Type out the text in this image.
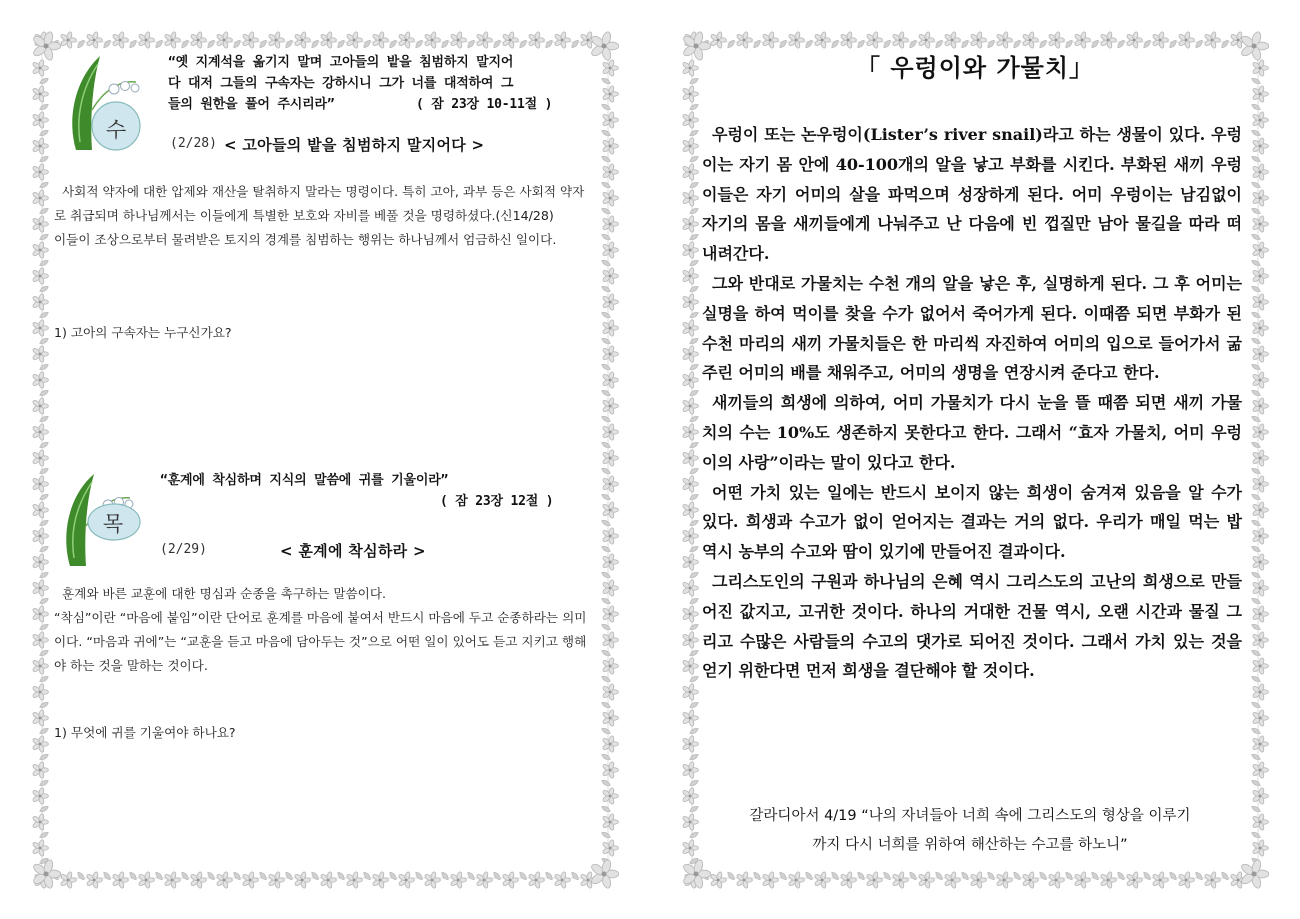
수
“옛 지계석을 옮기지 말며 고아들의 밭을 침범하지 말지어
다 대저 그들의 구속자는 강하시니 그가 너를 대적하여 그
들의 원한을 풀어 주시리라”	( 잠 23장 10-11절 )
(2/28) < 고아들의 밭을 침범하지 말지어다 >

사회적 약자에 대한 압제와 재산을 탈취하지 말라는 명령이다. 특히 고아, 과부 등은 사회적 약자로 취급되며 하나님께서는 이들에게 특별한 보호와 자비를 베풀 것을 명령하셨다.(신14/28)

이들이 조상으로부터 물려받은 토지의 경계를 침범하는 행위는 하나님께서 엄금하신 일이다.

1) 고아의 구속자는 누구신가요?
목
“훈계에 착심하며 지식의 말씀에 귀를 기울이라”
( 잠 23장 12절 )
(2/29)	< 훈계에 착심하라 >

훈계와 바른 교훈에 대한 명심과 순종을 촉구하는 말씀이다.

“착심”이란 “마음에 붙임”이란 단어로 훈계를 마음에 붙여서 반드시 마음에 두고 순종하라는 의미이다. “마음과 귀에”는 “교훈을 듣고 마음에 담아두는 것”으로 어떤 일이 있어도 듣고 지키고 행해야 하는 것을 말하는 것이다.

1) 무엇에 귀를 기울여야 하나요?
「 우렁이와 가물치」

우렁이 또는 논우렁이(Lister’s river snail)라고 하는 생물이 있다. 우렁이는 자기 몸 안에 40-100개의 알을 낳고 부화를 시킨다. 부화된 새끼 우렁이들은 자기 어미의 살을 파먹으며 성장하게 된다. 어미 우렁이는 남김없이 자기의 몸을 새끼들에게 나눠주고 난 다음에 빈 껍질만 남아 물길을 따라 떠내려간다.

그와 반대로 가물치는 수천 개의 알을 낳은 후, 실명하게 된다. 그 후 어미는 실명을 하여 먹이를 찾을 수가 없어서 죽어가게 된다. 이때쯤 되면 부화가 된 수천 마리의 새끼 가물치들은 한 마리씩 자진하여 어미의 입으로 들어가서 굶주린 어미의 배를 채워주고, 어미의 생명을 연장시켜 준다고 한다.

새끼들의 희생에 의하여, 어미 가물치가 다시 눈을 뜰 때쯤 되면 새끼 가물치의 수는 10%도 생존하지 못한다고 한다. 그래서 “효자 가물치, 어미 우렁이의 사랑”이라는 말이 있다고 한다.

어떤 가치 있는 일에는 반드시 보이지 않는 희생이 숨겨져 있음을 알 수가 있다. 희생과 수고가 없이 얻어지는 결과는 거의 없다. 우리가 매일 먹는 밥 역시 농부의 수고와 땀이 있기에 만들어진 결과이다.

그리스도인의 구원과 하나님의 은혜 역시 그리스도의 고난의 희생으로 만들어진 값지고, 고귀한 것이다. 하나의 거대한 건물 역시, 오랜 시간과 물질 그리고 수많은 사람들의 수고의 댓가로 되어진 것이다. 그래서 가치 있는 것을 얻기 위한다면 먼저 희생을 결단해야 할 것이다.

갈라디아서 4/19 “나의 자녀들아 너희 속에 그리스도의 형상을 이루기
까지 다시 너희를 위하여 해산하는 수고를 하노니”
